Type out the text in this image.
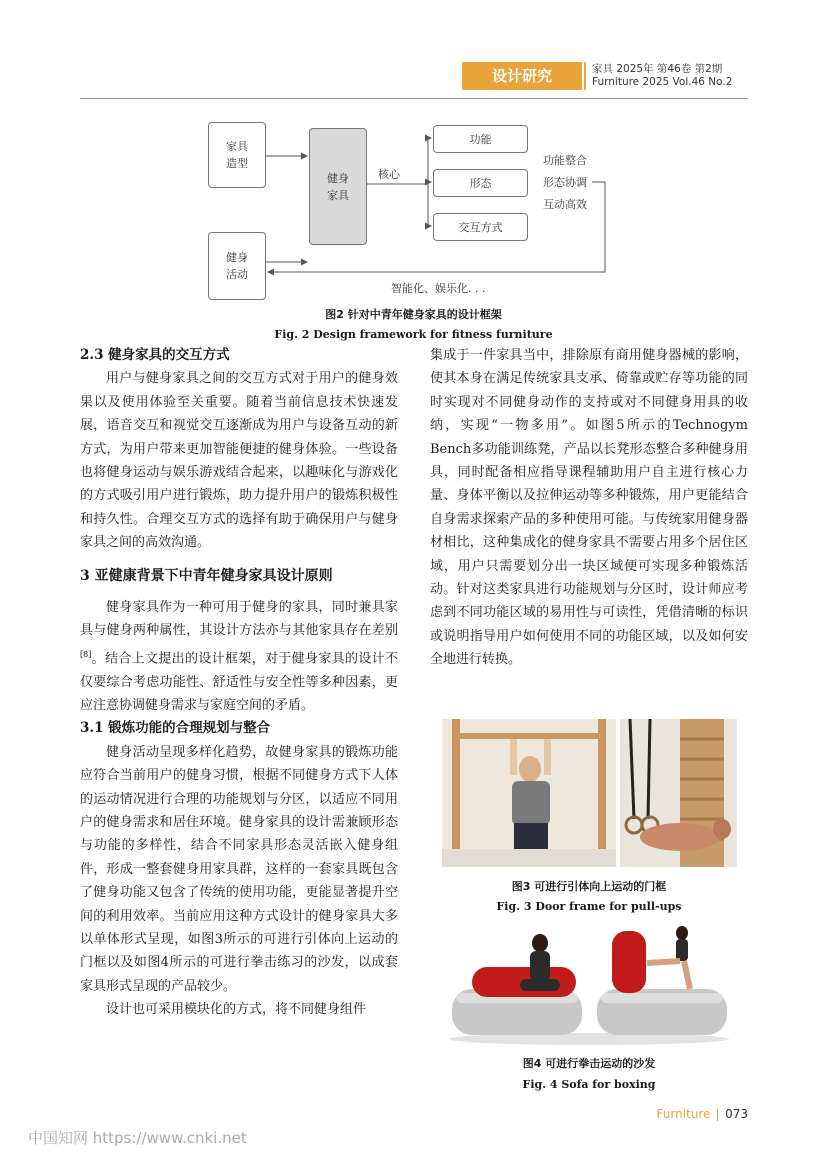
设计研究	家具 2025年 第46卷 第2期
Furniture 2025 Vol.46 No.2
家具
造型
健身
活动
健身
家具
核心
功能
形态
交互方式
功能整合
形态协调
互动高效
智能化、娱乐化. . .
图2 针对中青年健身家具的设计框架
Fig. 2 Design framework for fitness furniture
2.3 健身家具的交互方式

用户与健身家具之间的交互方式对于用户的健身效果以及使用体验至关重要。随着当前信息技术快速发展，语音交互和视觉交互逐渐成为用户与设备互动的新方式，为用户带来更加智能便捷的健身体验。一些设备也将健身运动与娱乐游戏结合起来，以趣味化与游戏化的方式吸引用户进行锻炼，助力提升用户的锻炼积极性和持久性。合理交互方式的选择有助于确保用户与健身家具之间的高效沟通。

3 亚健康背景下中青年健身家具设计原则

健身家具作为一种可用于健身的家具，同时兼具家具与健身两种属性，其设计方法亦与其他家具存在差别[8]。结合上文提出的设计框架，对于健身家具的设计不仅要综合考虑功能性、舒适性与安全性等多种因素，更应注意协调健身需求与家庭空间的矛盾。

3.1 锻炼功能的合理规划与整合

健身活动呈现多样化趋势，故健身家具的锻炼功能应符合当前用户的健身习惯，根据不同健身方式下人体的运动情况进行合理的功能规划与分区，以适应不同用户的健身需求和居住环境。健身家具的设计需兼顾形态与功能的多样性，结合不同家具形态灵活嵌入健身组件，形成一整套健身用家具群，这样的一套家具既包含了健身功能又包含了传统的使用功能，更能显著提升空间的利用效率。当前应用这种方式设计的健身家具大多以单体形式呈现，如图3所示的可进行引体向上运动的门框以及如图4所示的可进行拳击练习的沙发，以成套家具形式呈现的产品较少。

设计也可采用模块化的方式，将不同健身组件

集成于一件家具当中，排除原有商用健身器械的影响，使其本身在满足传统家具支承、倚靠或贮存等功能的同时实现对不同健身动作的支持或对不同健身用具的收纳，实现“一物多用”。如图5所示的Technogym Bench多功能训练凳，产品以长凳形态整合多种健身用具，同时配备相应指导课程辅助用户自主进行核心力量、身体平衡以及拉伸运动等多种锻炼，用户更能结合自身需求探索产品的多种使用可能。与传统家用健身器材相比，这种集成化的健身家具不需要占用多个居住区域，用户只需要划分出一块区域便可实现多种锻炼活动。针对这类家具进行功能规划与分区时，设计师应考虑到不同功能区域的易用性与可读性，凭借清晰的标识或说明指导用户如何使用不同的功能区域，以及如何安全地进行转换。

图3 可进行引体向上运动的门框
Fig. 3 Door frame for pull-ups
图4 可进行拳击运动的沙发
Fig. 4 Sofa for boxing
Furniture 073
中国知网 https://www.cnki.net
